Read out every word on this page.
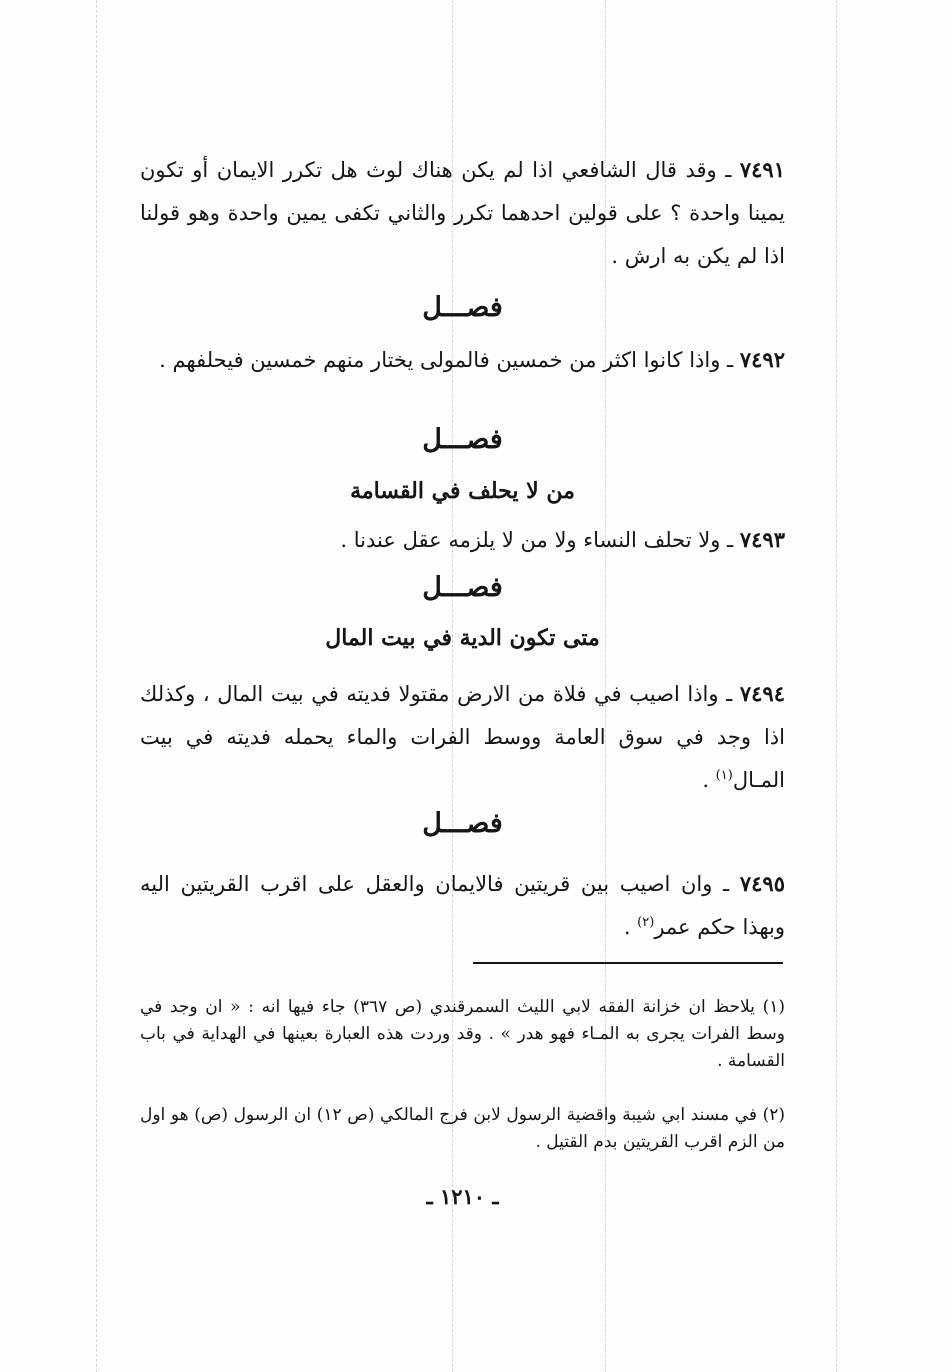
٧٤٩١ ـ وقد قال الشافعي اذا لم يكن هناك لوث هل تكرر الايمان أو تكون يمينا واحدة ؟ على قولين احدهما تكرر والثاني تكفى يمين واحدة وهو قولنا اذا لم يكن به ارش .
فصـــل
٧٤٩٢ ـ واذا كانوا اكثر من خمسين فالمولى يختار منهم خمسين فيحلفهم .
فصـــل
من لا يحلف في القسامة
٧٤٩٣ ـ ولا تحلف النساء ولا من لا يلزمه عقل عندنا .
فصـــل
متى تكون الدية في بيت المال
٧٤٩٤ ـ واذا اصيب في فلاة من الارض مقتولا فديته في بيت المال ، وكذلك اذا وجد في سوق العامة ووسط الفرات والماء يحمله فديته في بيت المـال$^{(١)}$ .
فصـــل
٧٤٩٥ ـ وان اصيب بين قريتين فالايمان والعقل على اقرب القريتين اليه وبهذا حكم عمر$^{(٢)}$ .
(١) يلاحظ ان خزانة الفقه لابي الليث السمرقندي (ص ٣٦٧) جاء فيها انه : « ان وجد في وسط الفرات يجرى به المـاء فهو هدر » . وقد وردت هذه العبارة بعينها في الهداية في باب القسامة .
(٢) في مسند ابي شيبة واقضية الرسول لابن فرج المالكي (ص ١٢) ان الرسول (ص) هو اول من الزم اقرب القريتين بدم القتيل .
ـ ١٢١٠ ـ
